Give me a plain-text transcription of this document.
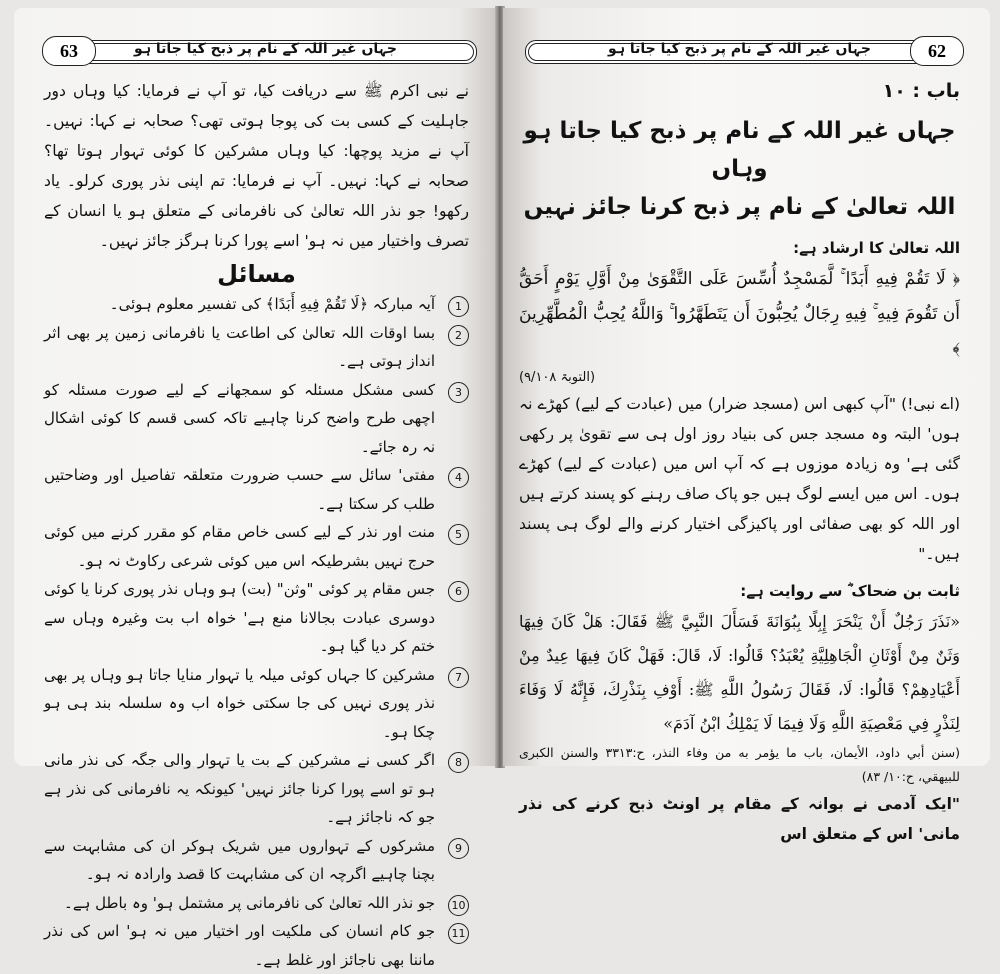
جہاں غیر اللہ کے نام پر ذبح کیا جاتا ہو
63

نے نبی اکرم ﷺ سے دریافت کیا، تو آپ نے فرمایا: کیا وہاں دور جاہلیت کے کسی بت کی پوجا ہوتی تھی؟ صحابہ نے کہا: نہیں۔ آپ نے مزید پوچھا: کیا وہاں مشرکین کا کوئی تہوار ہوتا تھا؟ صحابہ نے کہا: نہیں۔ آپ نے فرمایا: تم اپنی نذر پوری کرلو۔ یاد رکھو! جو نذر اللہ تعالیٰ کی نافرمانی کے متعلق ہو یا انسان کے تصرف واختیار میں نہ ہو' اسے پورا کرنا ہرگز جائز نہیں۔

مسائل
1
آیہ مبارکہ ﴿لَا تَقُمْ فِيهِ أَبَدًا﴾ کی تفسیر معلوم ہوئی۔
2
بسا اوقات اللہ تعالیٰ کی اطاعت یا نافرمانی زمین پر بھی اثر انداز ہوتی ہے۔
3
کسی مشکل مسئلہ کو سمجھانے کے لیے صورت مسئلہ کو اچھی طرح واضح کرنا چاہیے تاکہ کسی قسم کا کوئی اشکال نہ رہ جائے۔
4
مفتی' سائل سے حسب ضرورت متعلقہ تفاصیل اور وضاحتیں طلب کر سکتا ہے۔
5
منت اور نذر کے لیے کسی خاص مقام کو مقرر کرنے میں کوئی حرج نہیں بشرطیکہ اس میں کوئی شرعی رکاوٹ نہ ہو۔
6
جس مقام پر کوئی "وثن" (بت) ہو وہاں نذر پوری کرنا یا کوئی دوسری عبادت بجالانا منع ہے' خواہ اب بت وغیرہ وہاں سے ختم کر دیا گیا ہو۔
7
مشرکین کا جہاں کوئی میلہ یا تہوار منایا جاتا ہو وہاں پر بھی نذر پوری نہیں کی جا سکتی خواہ اب وہ سلسلہ بند ہی ہو چکا ہو۔
8
اگر کسی نے مشرکین کے بت یا تہوار والی جگہ کی نذر مانی ہو تو اسے پورا کرنا جائز نہیں' کیونکہ یہ نافرمانی کی نذر ہے جو کہ ناجائز ہے۔
9
مشرکوں کے تہواروں میں شریک ہوکر ان کی مشابہت سے بچنا چاہیے اگرچہ ان کی مشابہت کا قصد وارادہ نہ ہو۔
10
جو نذر اللہ تعالیٰ کی نافرمانی پر مشتمل ہو' وہ باطل ہے۔
11
جو کام انسان کی ملکیت اور اختیار میں نہ ہو' اس کی نذر ماننا بھی ناجائز اور غلط ہے۔
جہاں غیر اللہ کے نام پر ذبح کیا جاتا ہو	62
باب : ۱۰
جہاں غیر اللہ کے نام پر ذبح کیا جاتا ہو وہاں
اللہ تعالیٰ کے نام پر ذبح کرنا جائز نہیں
اللہ تعالیٰ کا ارشاد ہے:
﴿ لَا تَقُمْ فِيهِ أَبَدًا ۚ لَّمَسْجِدٌ أُسِّسَ عَلَى التَّقْوَىٰ مِنْ أَوَّلِ يَوْمٍ أَحَقُّ أَن تَقُومَ فِيهِ ۚ فِيهِ رِجَالٌ يُحِبُّونَ أَن يَتَطَهَّرُوا ۚ وَاللَّهُ يُحِبُّ الْمُطَّهِّرِينَ ﴾
(التوبۃ ۹/۱۰۸)

(اے نبی!) "آپ کبھی اس (مسجد ضرار) میں (عبادت کے لیے) کھڑے نہ ہوں' البتہ وہ مسجد جس کی بنیاد روز اول ہی سے تقویٰ پر رکھی گئی ہے' وہ زیادہ موزوں ہے کہ آپ اس میں (عبادت کے لیے) کھڑے ہوں۔ اس میں ایسے لوگ ہیں جو پاک صاف رہنے کو پسند کرتے ہیں اور اللہ کو بھی صفائی اور پاکیزگی اختیار کرنے والے لوگ ہی پسند ہیں۔"

ثابت بن ضحاک ؓ سے روایت ہے:
«نَذَرَ رَجُلٌ أَنْ يَنْحَرَ إِبِلًا بِبُوَانَةَ فَسَأَلَ النَّبِيَّ ﷺ فَقَالَ: هَلْ كَانَ فِيهَا وَثَنٌ مِنْ أَوْثَانِ الْجَاهِلِيَّةِ يُعْبَدُ؟ قَالُوا: لَا، قَالَ: فَهَلْ كَانَ فِيهَا عِيدٌ مِنْ أَعْيَادِهِمْ؟ قَالُوا: لَا، فَقَالَ رَسُولُ اللَّهِ ﷺ: أَوْفِ بِنَذْرِكَ، فَإِنَّهُ لَا وَفَاءَ لِنَذْرٍ فِي مَعْصِيَةِ اللَّهِ وَلَا فِيمَا لَا يَمْلِكُ ابْنُ آدَمَ»
(سنن أبي داود، الأيمان، باب ما يؤمر به من وفاء النذر، ح:٣٣١٣ والسنن الكبرى للبيهقي، ح:١٠/ ٨٣)

"ایک آدمی نے بوانہ کے مقام پر اونٹ ذبح کرنے کی نذر مانی' اس کے متعلق اس
